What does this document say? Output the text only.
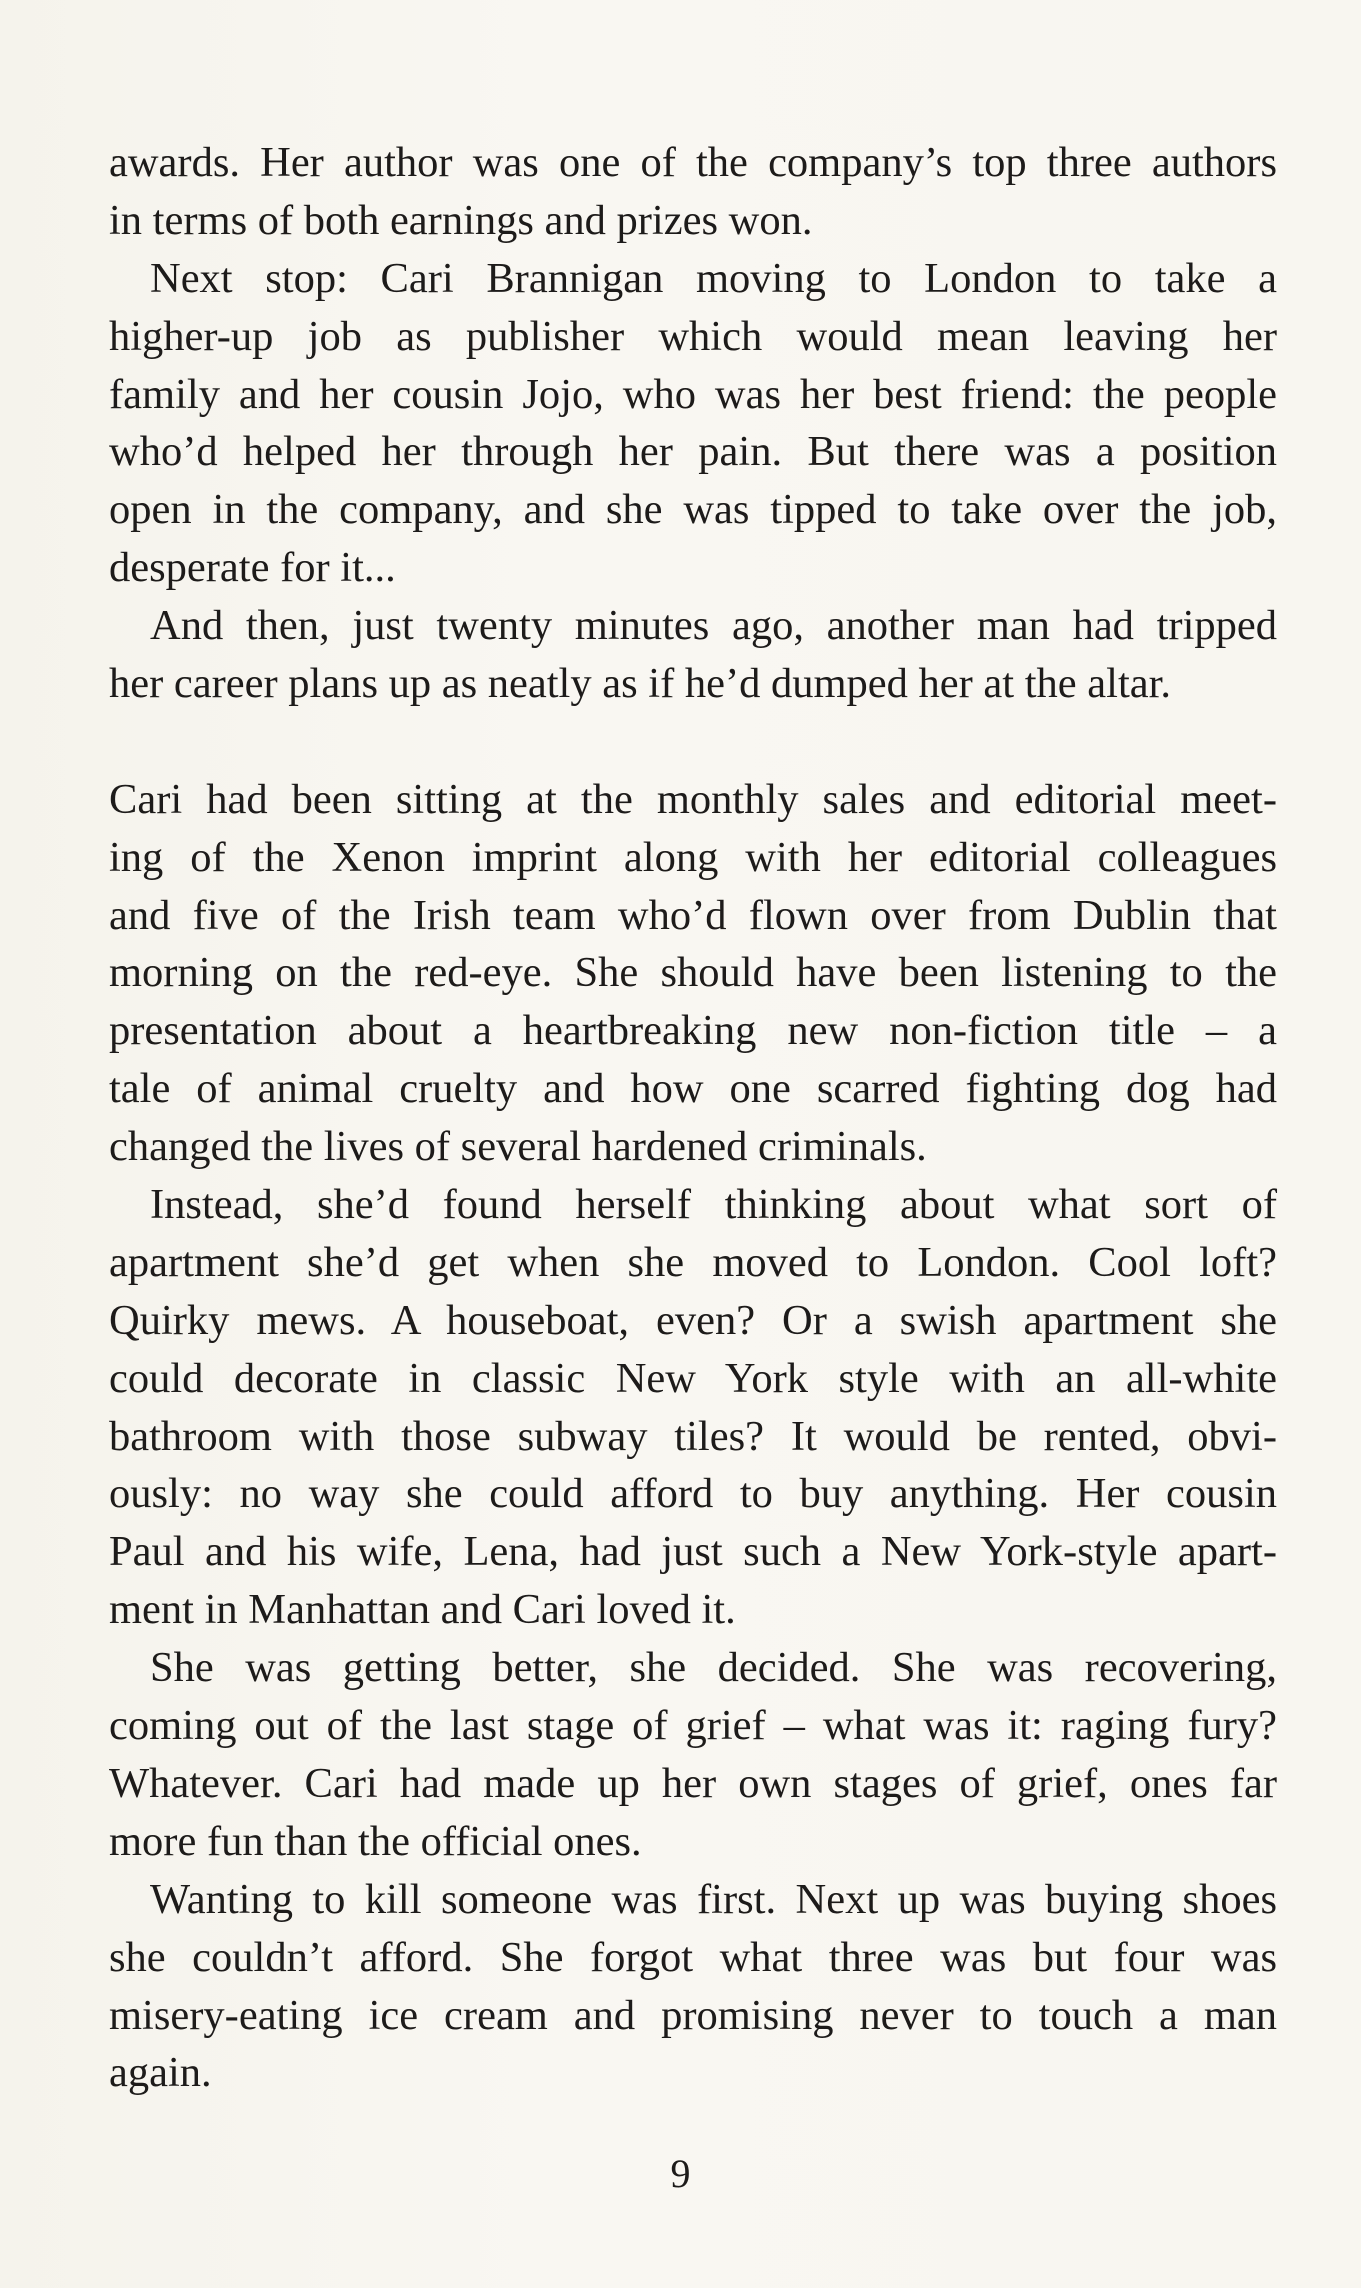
awards. Her author was one of the company’s top three authors
in terms of both earnings and prizes won.
Next stop: Cari Brannigan moving to London to take a
higher-up job as publisher which would mean leaving her
family and her cousin Jojo, who was her best friend: the people
who’d helped her through her pain. But there was a position
open in the company, and she was tipped to take over the job,
desperate for it...
And then, just twenty minutes ago, another man had tripped
her career plans up as neatly as if he’d dumped her at the altar.
Cari had been sitting at the monthly sales and editorial meet-
ing of the Xenon imprint along with her editorial colleagues
and five of the Irish team who’d flown over from Dublin that
morning on the red-eye. She should have been listening to the
presentation about a heartbreaking new non-fiction title – a
tale of animal cruelty and how one scarred fighting dog had
changed the lives of several hardened criminals.
Instead, she’d found herself thinking about what sort of
apartment she’d get when she moved to London. Cool loft?
Quirky mews. A houseboat, even? Or a swish apartment she
could decorate in classic New York style with an all-white
bathroom with those subway tiles? It would be rented, obvi-
ously: no way she could afford to buy anything. Her cousin
Paul and his wife, Lena, had just such a New York-style apart-
ment in Manhattan and Cari loved it.
She was getting better, she decided. She was recovering,
coming out of the last stage of grief – what was it: raging fury?
Whatever. Cari had made up her own stages of grief, ones far
more fun than the official ones.
Wanting to kill someone was first. Next up was buying shoes
she couldn’t afford. She forgot what three was but four was
misery-eating ice cream and promising never to touch a man
again.
9
